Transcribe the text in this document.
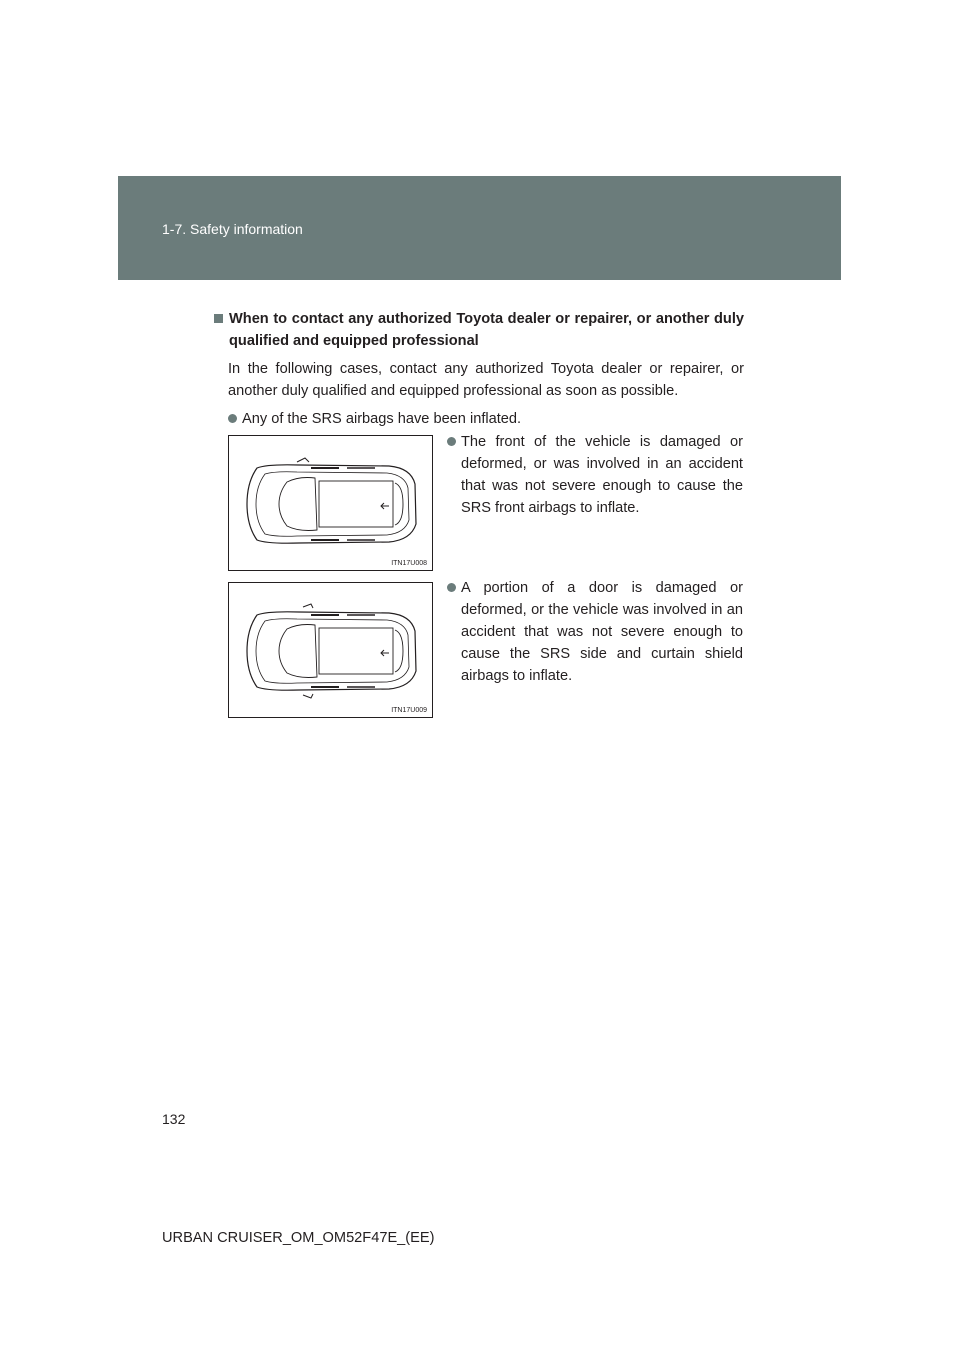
1-7. Safety information
When to contact any authorized Toyota dealer or repairer, or another duly qualified and equipped professional
In the following cases, contact any authorized Toyota dealer or repairer, or another duly qualified and equipped professional as soon as possible.
Any of the SRS airbags have been inflated.
ITN17U008
The front of the vehicle is damaged or deformed, or was involved in an accident that was not severe enough to cause the SRS front airbags to inflate.
ITN17U009
A portion of a door is damaged or deformed, or the vehicle was involved in an accident that was not severe enough to cause the SRS side and curtain shield airbags to inflate.
132
URBAN CRUISER_OM_OM52F47E_(EE)
